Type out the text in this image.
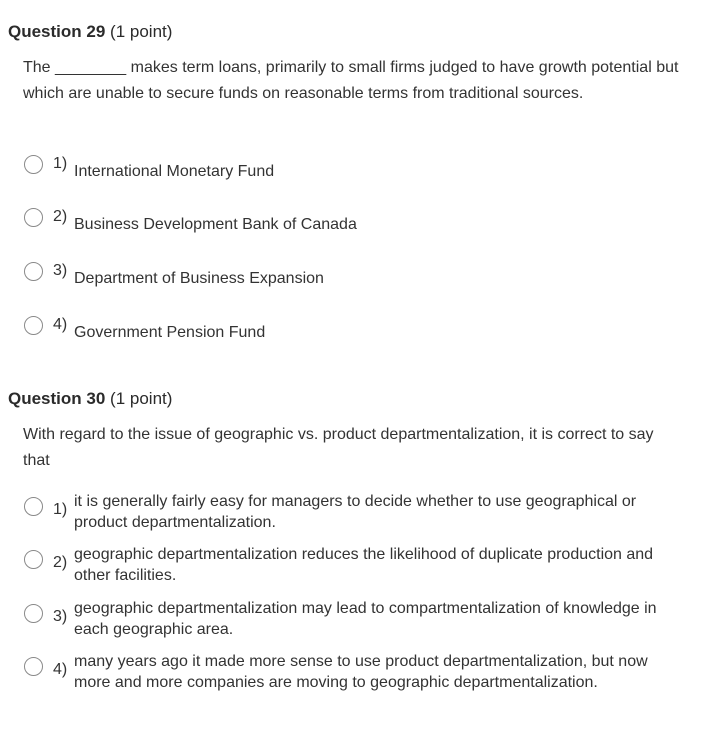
Question 29 (1 point)
The ________ makes term loans, primarily to small firms judged to have growth potential but which are unable to secure funds on reasonable terms from traditional sources.
1) International Monetary Fund
2) Business Development Bank of Canada
3) Department of Business Expansion
4) Government Pension Fund
Question 30 (1 point)
With regard to the issue of geographic vs. product departmentalization, it is correct to say that
1) it is generally fairly easy for managers to decide whether to use geographical or product departmentalization.
2) geographic departmentalization reduces the likelihood of duplicate production and other facilities.
3) geographic departmentalization may lead to compartmentalization of knowledge in each geographic area.
4) many years ago it made more sense to use product departmentalization, but now more and more companies are moving to geographic departmentalization.
